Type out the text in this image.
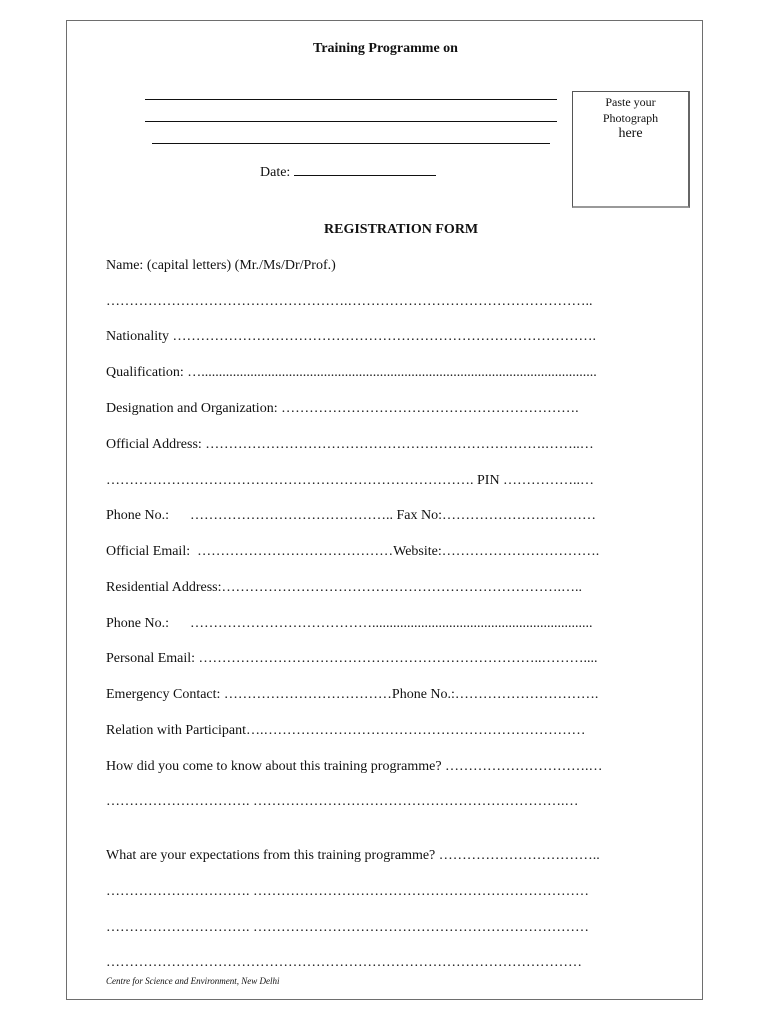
Training Programme on
Date:
Paste your
Photograph
here
REGISTRATION FORM
Name: (capital letters) (Mr./Ms/Dr/Prof.)
…………………………………………….……………………………………………..
Nationality ……………………………………………………………………………….
Qualification: ….................................................................................................................
Designation and Organization: ……………………………………………………….
Official Address: ……………………………………………………………….……..…
……………………………………………………………………. PIN ……………..…
Phone No.:      …………………………………….. Fax No:……………………………
Official Email:  ……………………………………Website:…………………………….
Residential Address:……………………………………………………………….…..
Phone No.:      …………………………………...............................................................
Personal Email: ………………………………………………………………..………....
Emergency Contact: ………………………………Phone No.:………………………….
Relation with Participant….……………………………………………………………
How did you come to know about this training programme? ………………………….…
…………………………. ………………………………………………………….…
What are your expectations from this training programme? ……………………………..
…………………………. ………………………………………………………………
…………………………. ………………………………………………………………
…………………………………………………………………………………………
Centre for Science and Environment, New Delhi
